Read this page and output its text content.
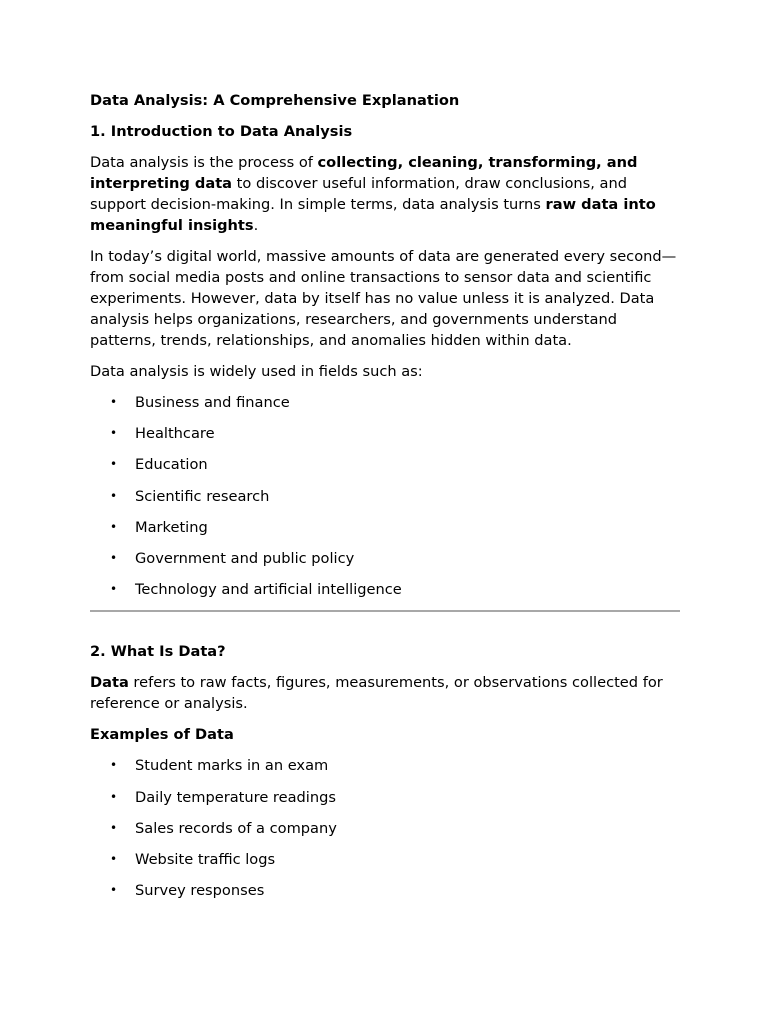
Data Analysis: A Comprehensive Explanation
1. Introduction to Data Analysis

Data analysis is the process of collecting, cleaning, transforming, and interpreting data to discover useful information, draw conclusions, and support decision-making. In simple terms, data analysis turns raw data into meaningful insights.

In today’s digital world, massive amounts of data are generated every second—from social media posts and online transactions to sensor data and scientific experiments. However, data by itself has no value unless it is analyzed. Data analysis helps organizations, researchers, and governments understand patterns, trends, relationships, and anomalies hidden within data.

Data analysis is widely used in fields such as:

• Business and finance
• Healthcare
• Education
• Scientific research
• Marketing
• Government and public policy
• Technology and artificial intelligence
2. What Is Data?

Data refers to raw facts, figures, measurements, or observations collected for reference or analysis.

Examples of Data
• Student marks in an exam
• Daily temperature readings
• Sales records of a company
• Website traffic logs
• Survey responses
